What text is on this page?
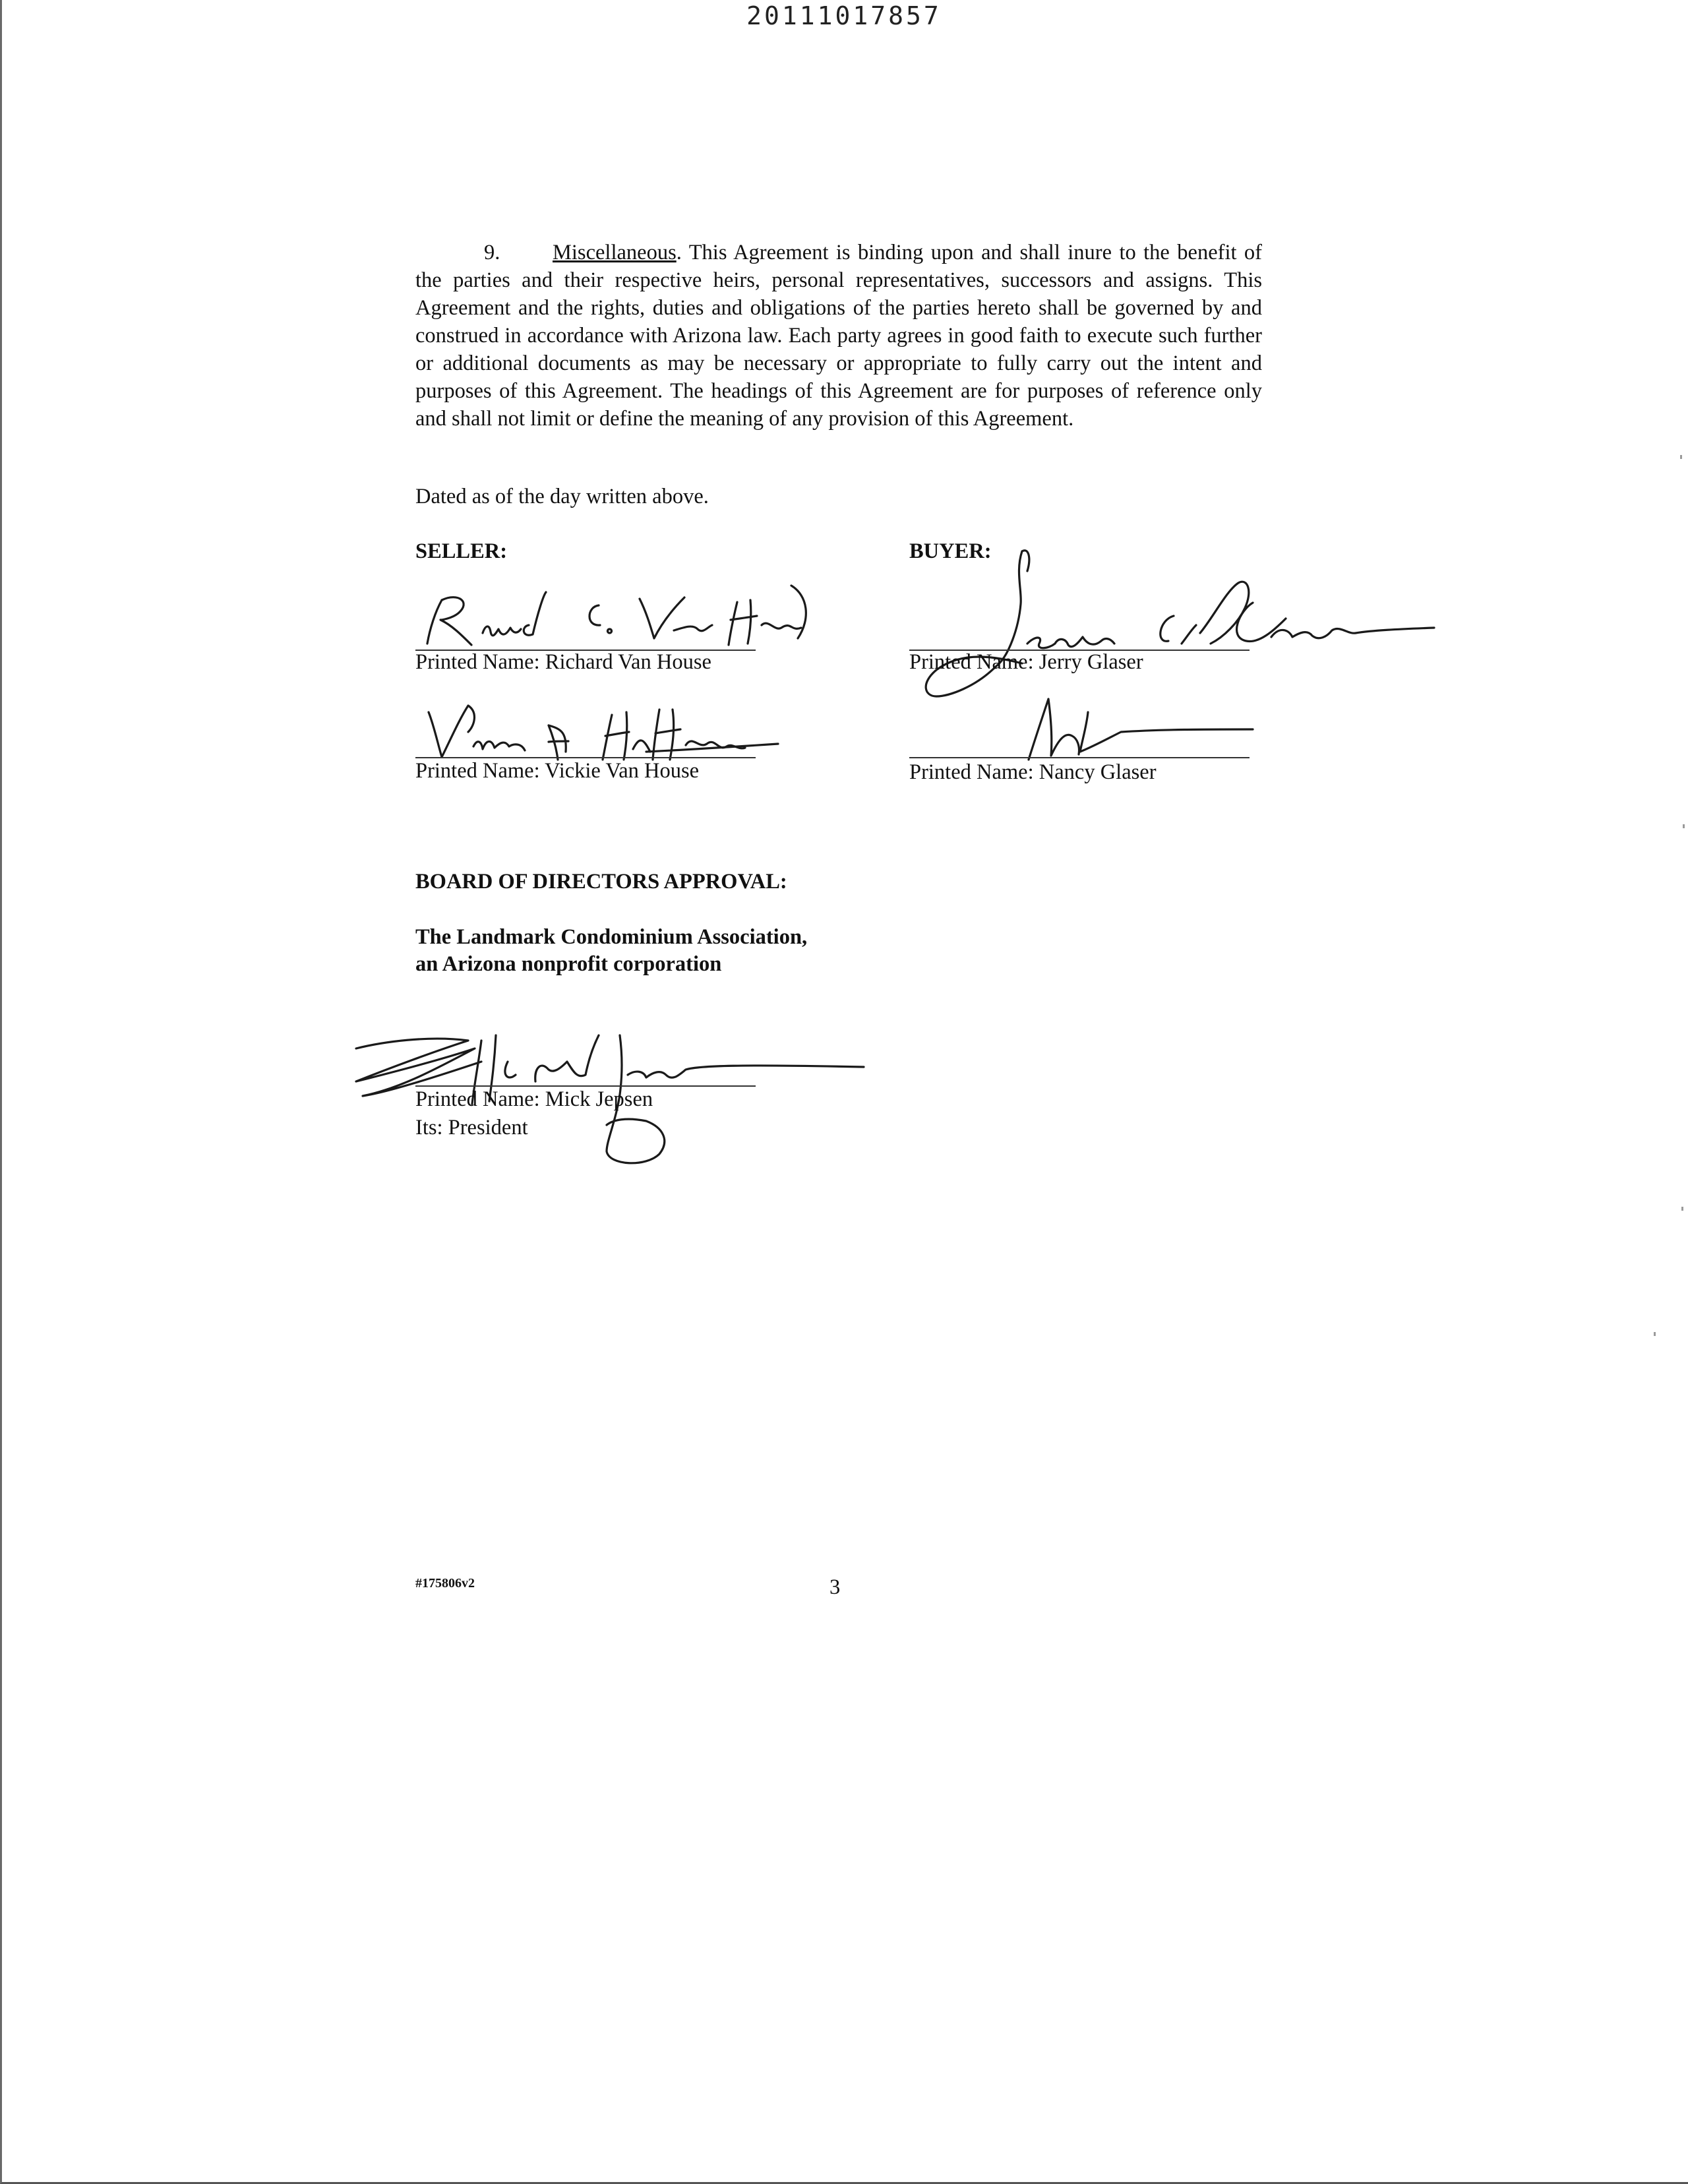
20111017857
9. Miscellaneous. This Agreement is binding upon and shall inure to the benefit of the parties and their respective heirs, personal representatives, successors and assigns. This Agreement and the rights, duties and obligations of the parties hereto shall be governed by and construed in accordance with Arizona law. Each party agrees in good faith to execute such further or additional documents as may be necessary or appropriate to fully carry out the intent and purposes of this Agreement. The headings of this Agreement are for purposes of reference only and shall not limit or define the meaning of any provision of this Agreement.
Dated as of the day written above.
SELLER:
Printed Name: Richard Van House
Printed Name: Vickie Van House
BUYER:
Printed Name: Jerry Glaser
Printed Name: Nancy Glaser
BOARD OF DIRECTORS APPROVAL:
The Landmark Condominium Association,
an Arizona nonprofit corporation
Printed Name: Mick Jepsen
Its: President
#175806v2	3
